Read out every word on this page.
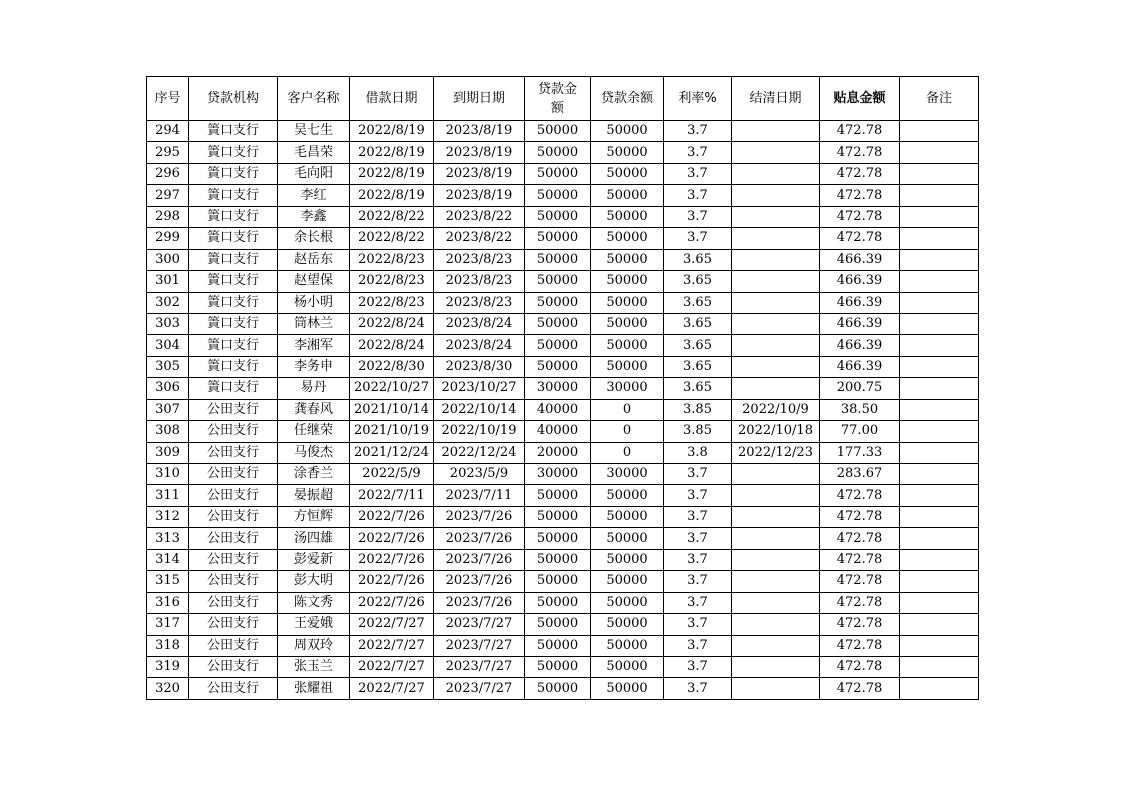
序号	贷款机构	客户名称	借款日期	到期日期	贷款金额	贷款余额	利率%	结清日期	贴息金额	备注
294	篢口支行	吴七生	2022/8/19	2023/8/19	50000	50000	3.7		472.78	
295	篢口支行	毛昌荣	2022/8/19	2023/8/19	50000	50000	3.7		472.78	
296	篢口支行	毛向阳	2022/8/19	2023/8/19	50000	50000	3.7		472.78	
297	篢口支行	李红	2022/8/19	2023/8/19	50000	50000	3.7		472.78	
298	篢口支行	李鑫	2022/8/22	2023/8/22	50000	50000	3.7		472.78	
299	篢口支行	余长根	2022/8/22	2023/8/22	50000	50000	3.7		472.78	
300	篢口支行	赵岳东	2022/8/23	2023/8/23	50000	50000	3.65		466.39	
301	篢口支行	赵望保	2022/8/23	2023/8/23	50000	50000	3.65		466.39	
302	篢口支行	杨小明	2022/8/23	2023/8/23	50000	50000	3.65		466.39	
303	篢口支行	筒林兰	2022/8/24	2023/8/24	50000	50000	3.65		466.39	
304	篢口支行	李湘军	2022/8/24	2023/8/24	50000	50000	3.65		466.39	
305	篢口支行	李务申	2022/8/30	2023/8/30	50000	50000	3.65		466.39	
306	篢口支行	易丹	2022/10/27	2023/10/27	30000	30000	3.65		200.75	
307	公田支行	龚春风	2021/10/14	2022/10/14	40000	0	3.85	2022/10/9	38.50	
308	公田支行	任继荣	2021/10/19	2022/10/19	40000	0	3.85	2022/10/18	77.00	
309	公田支行	马俊杰	2021/12/24	2022/12/24	20000	0	3.8	2022/12/23	177.33	
310	公田支行	涂香兰	2022/5/9	2023/5/9	30000	30000	3.7		283.67	
311	公田支行	晏振超	2022/7/11	2023/7/11	50000	50000	3.7		472.78	
312	公田支行	方恒辉	2022/7/26	2023/7/26	50000	50000	3.7		472.78	
313	公田支行	汤四雄	2022/7/26	2023/7/26	50000	50000	3.7		472.78	
314	公田支行	彭爱新	2022/7/26	2023/7/26	50000	50000	3.7		472.78	
315	公田支行	彭大明	2022/7/26	2023/7/26	50000	50000	3.7		472.78	
316	公田支行	陈文秀	2022/7/26	2023/7/26	50000	50000	3.7		472.78	
317	公田支行	王爱娥	2022/7/27	2023/7/27	50000	50000	3.7		472.78	
318	公田支行	周双玲	2022/7/27	2023/7/27	50000	50000	3.7		472.78	
319	公田支行	张玉兰	2022/7/27	2023/7/27	50000	50000	3.7		472.78	
320	公田支行	张耀祖	2022/7/27	2023/7/27	50000	50000	3.7		472.78	
